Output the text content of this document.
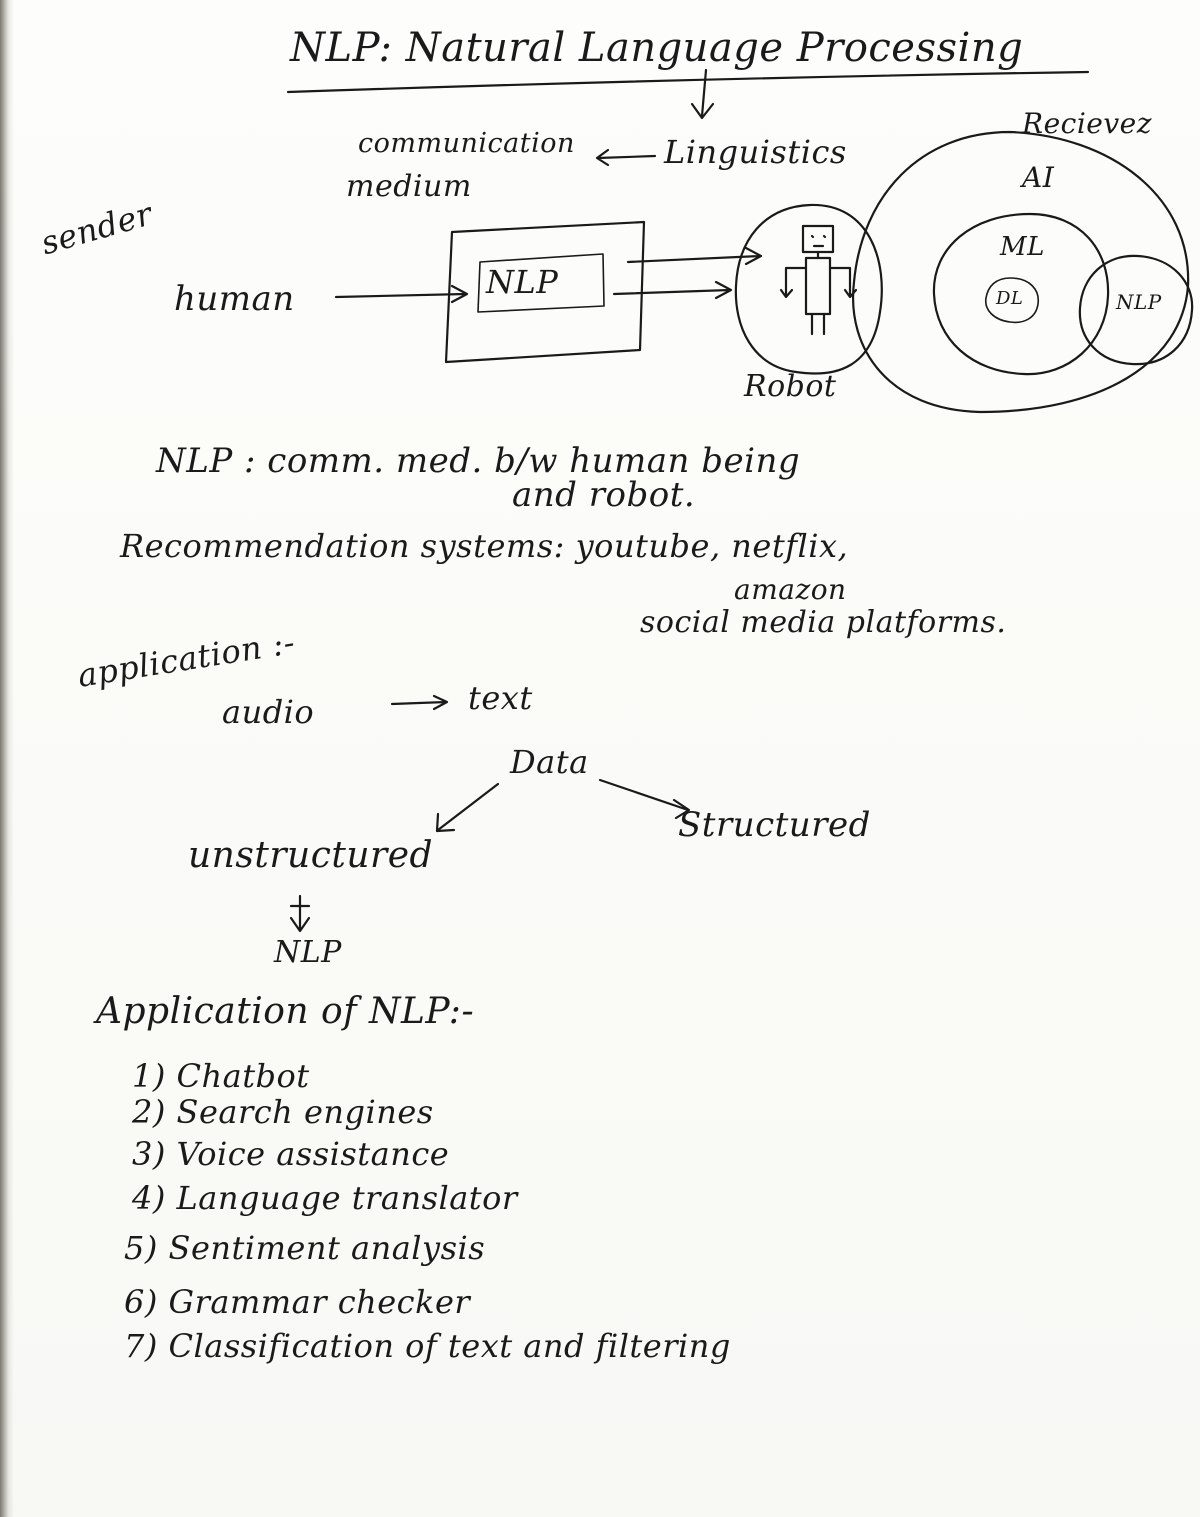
NLP: Natural Language Processing

communication

medium

Linguistics

Recievez

sender

human	NLP

Robot

AI

ML

DL	NLP

NLP : comm. med. b/w human being

and robot.

Recommendation systems: youtube, netflix,

amazon

social media platforms.

application :-

audio	text

Data

unstructured

Structured

NLP

Application of NLP:-

1) Chatbot

2) Search engines

3) Voice assistance

4) Language translator

5) Sentiment analysis

6) Grammar checker

7) Classification of text and filtering
